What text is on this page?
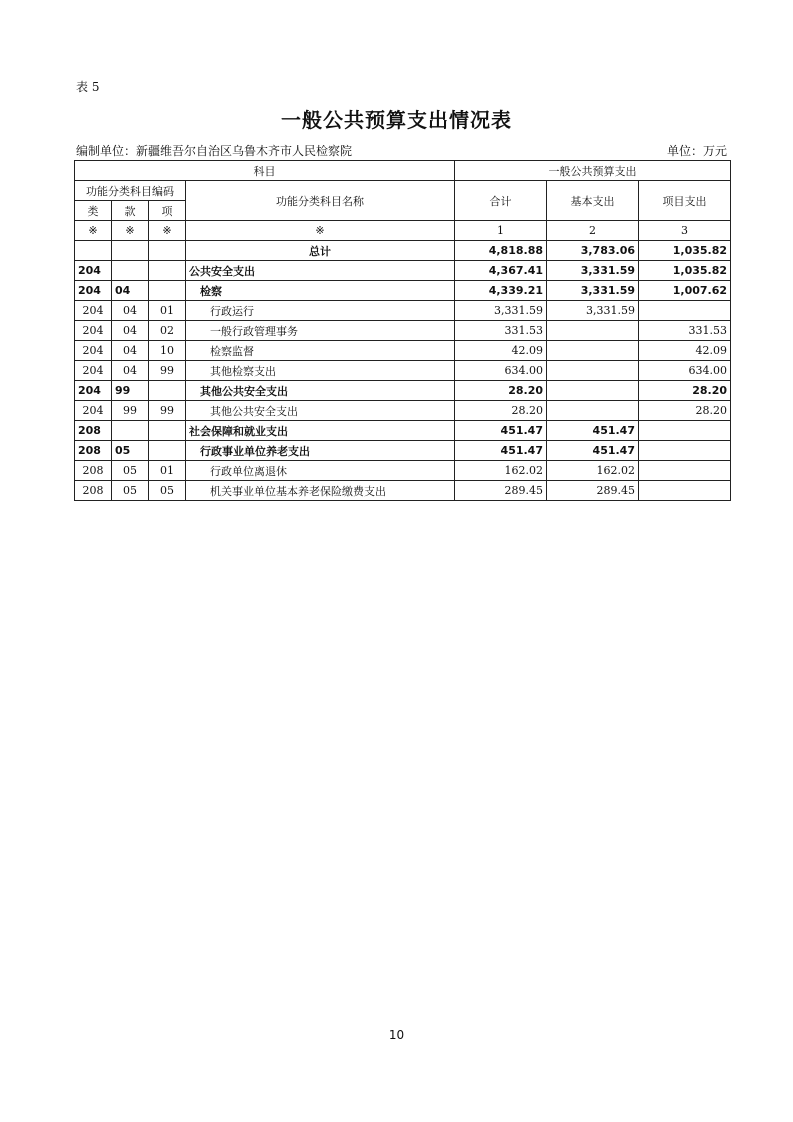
表 5
一般公共预算支出情况表
编制单位：新疆维吾尔自治区乌鲁木齐市人民检察院	单位：万元
科目				一般公共预算支出		
功能分类科目编码			功能分类科目名称	合计	基本支出	项目支出
类	款	项				
※	※	※	※	1	2	3
			总计	4,818.88	3,783.06	1,035.82
204			公共安全支出	4,367.41	3,331.59	1,035.82
204	04		检察	4,339.21	3,331.59	1,007.62
204	04	01	行政运行	3,331.59	3,331.59	
204	04	02	一般行政管理事务	331.53		331.53
204	04	10	检察监督	42.09		42.09
204	04	99	其他检察支出	634.00		634.00
204	99		其他公共安全支出	28.20		28.20
204	99	99	其他公共安全支出	28.20		28.20
208			社会保障和就业支出	451.47	451.47	
208	05		行政事业单位养老支出	451.47	451.47	
208	05	01	行政单位离退休	162.02	162.02	
208	05	05	机关事业单位基本养老保险缴费支出	289.45	289.45	
10
